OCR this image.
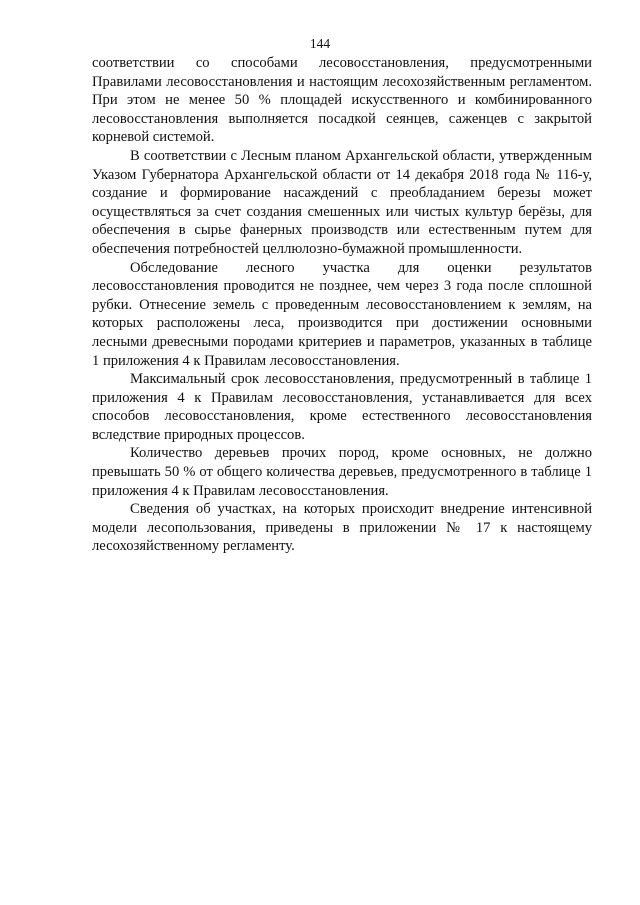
144

соответствии со способами лесовосстановления, предусмотренными Правилами лесовосстановления и настоящим лесохозяйственным регламентом. При этом не менее 50 % площадей искусственного и комбинированного лесовосстановления выполняется посадкой сеянцев, саженцев с закрытой корневой системой.

В соответствии с Лесным планом Архангельской области, утвержденным Указом Губернатора Архангельской области от 14 декабря 2018 года № 116-у, создание и формирование насаждений с преобладанием березы может осуществляться за счет создания смешенных или чистых культур берёзы, для обеспечения в сырье фанерных производств или естественным путем для обеспечения потребностей целлюлозно-бумажной промышленности.

Обследование лесного участка для оценки результатов лесовосстановления проводится не позднее, чем через 3 года после сплошной рубки. Отнесение земель с проведенным лесовосстановлением к землям, на которых расположены леса, производится при достижении основными лесными древесными породами критериев и параметров, указанных в таблице 1 приложения 4 к Правилам лесовосстановления.

Максимальный срок лесовосстановления, предусмотренный в таблице 1 приложения 4 к Правилам лесовосстановления, устанавливается для всех способов лесовосстановления, кроме естественного лесовосстановления вследствие природных процессов.

Количество деревьев прочих пород, кроме основных, не должно превышать 50 % от общего количества деревьев, предусмотренного в таблице 1 приложения 4 к Правилам лесовосстановления.

Сведения об участках, на которых происходит внедрение интенсивной модели лесопользования, приведены в приложении № 17 к настоящему лесохозяйственному регламенту.
